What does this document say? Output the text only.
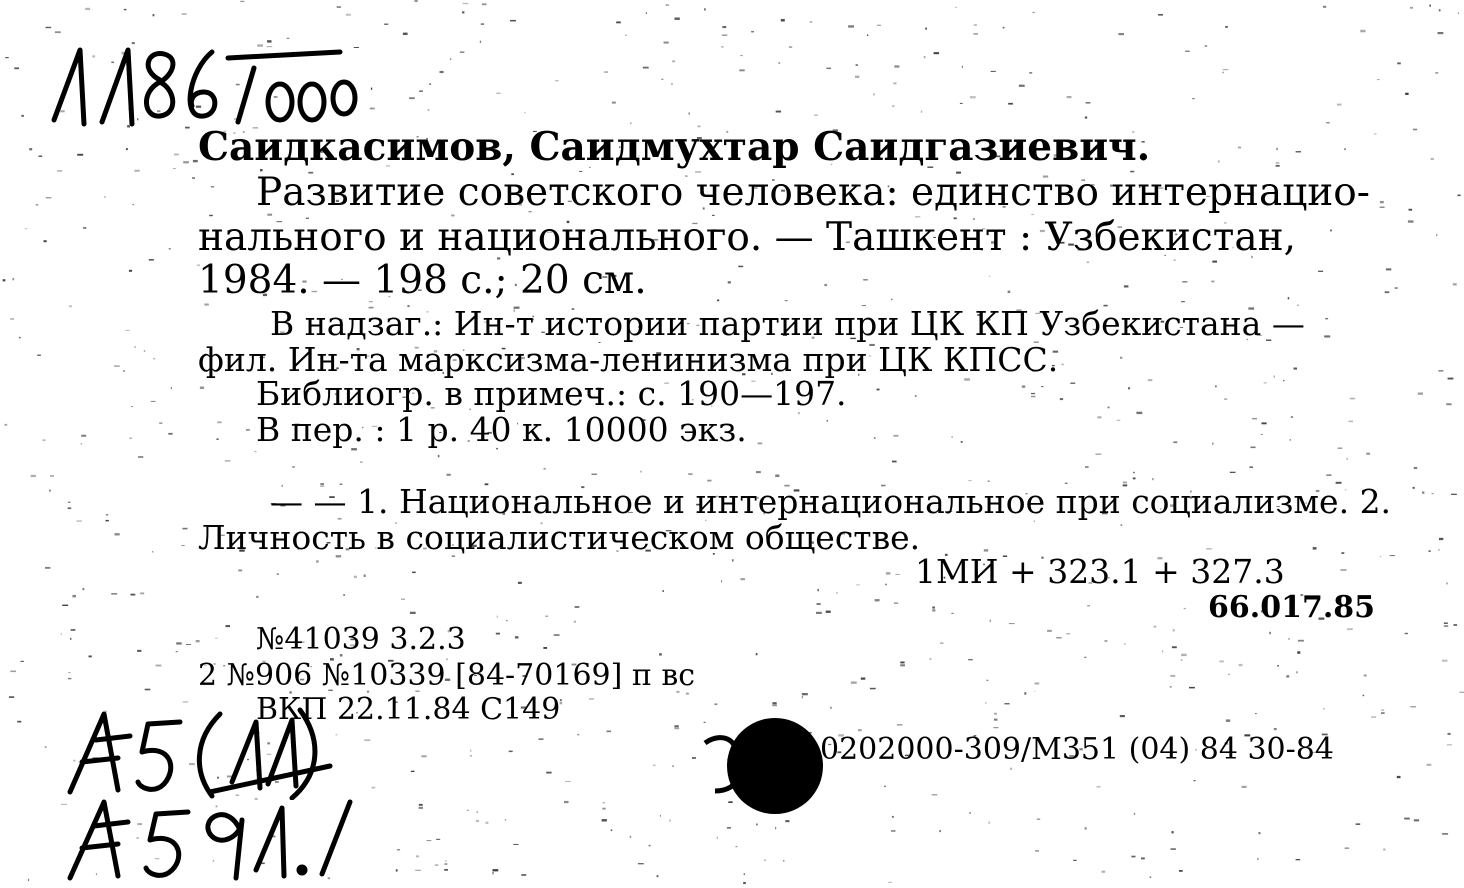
Саидкасимов, Саидмухтар Саидгазиевич.
Развитие советского человека: единство интернацио-
нального и национального. — Ташкент : Узбекистан,
1984. — 198 с.; 20 см.
В надзаг.: Ин-т истории партии при ЦК КП Узбекистана —
фил. Ин-та марксизма-ленинизма при ЦК КПСС.
Библиогр. в примеч.: с. 190—197.
В пер. : 1 р. 40 к. 10000 экз.
— — 1. Национальное и интернациональное при социализме. 2.
Личность в социалистическом обществе.
1МИ + 323.1 + 327.3
66.017.85
№41039 3.2.3
2 №906 №10339 [84-70169] п вс
ВКП 22.11.84 С149
0202000-309/М351 (04) 84 30-84
